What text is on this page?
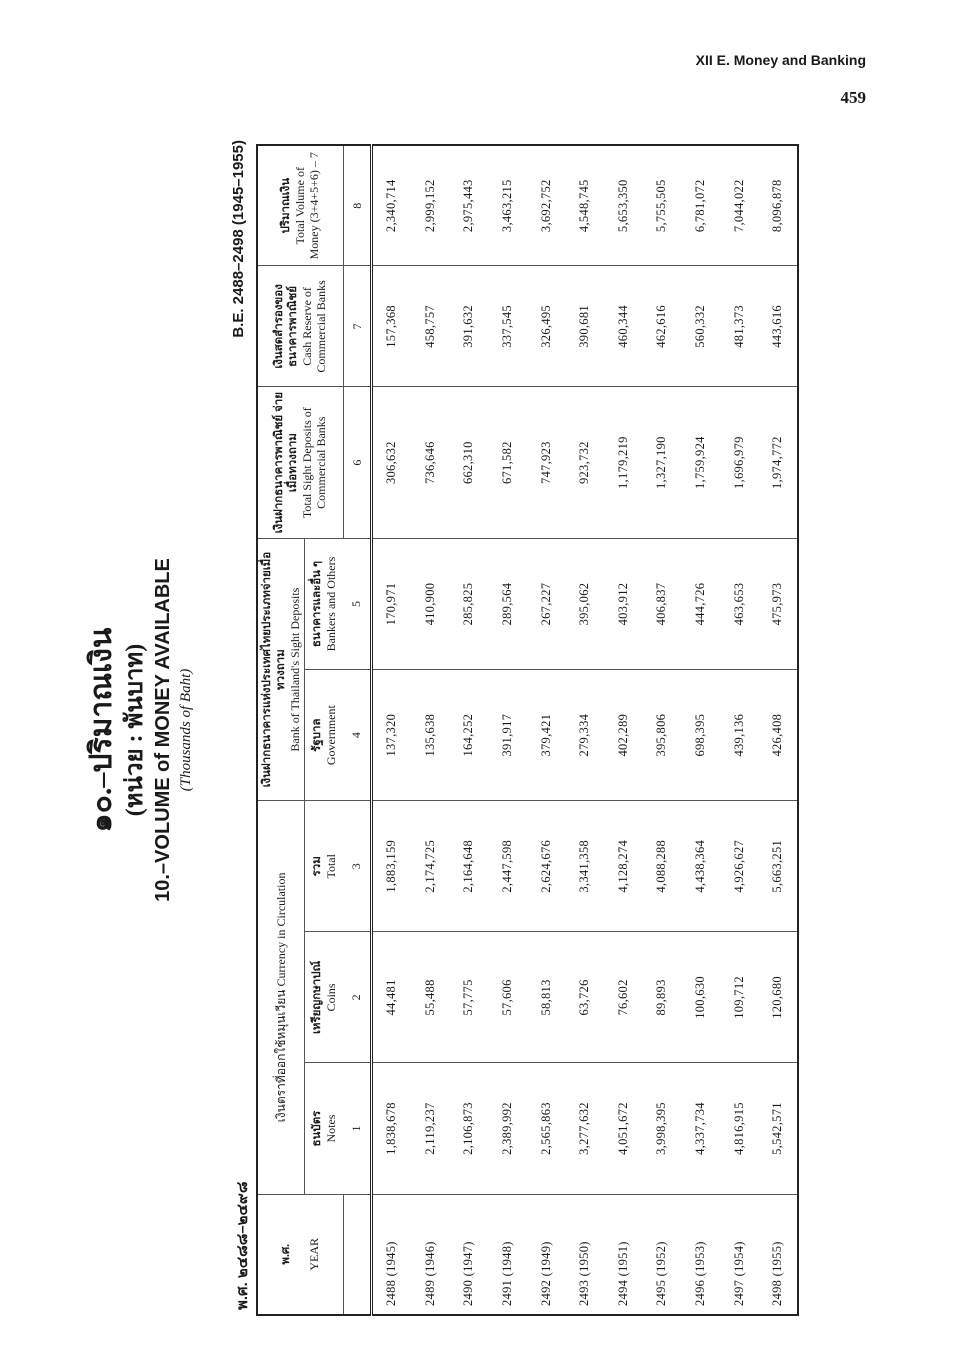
XII E. Money and Banking
459
๑๐.–ปริมาณเงิน (หน่วย : พันบาท) 10.–VOLUME of MONEY AVAILABLE (Thousands of Baht)
พ.ศ. ๒๔๘๘–๒๔๙๘
B.E. 2488–2498 (1945–1955)
พ.ศ. YEAR	เงินตราที่ออกใช้หมุนเวียน Currency in Circulation			เงินฝากธนาคารแห่งประเทศไทยประเภทจ่ายเมื่อทวงถาม Bank of Thailand's Sight Deposits		เงินฝากธนาคารพาณิชย์ จ่ายเมื่อทวงถาม Total Sight Deposits of Commercial Banks	เงินสดสำรองของ ธนาคารพาณิชย์ Cash Reserve of Commercial Banks	ปริมาณเงิน Total Volume of Money (3+4+5+6) – 7

	ธนบัตร Notes	เหรียญกษาปณ์ Coins	รวม Total	รัฐบาล Government	ธนาคารและอื่น ๆ Bankers and Others			
	1	2	3	4	5	6	7	8
2488 (1945)	1,838,678	44,481	1,883,159	137,320	170,971	306,632	157,368	2,340,714
2489 (1946)	2,119,237	55,488	2,174,725	135,638	410,900	736,646	458,757	2,999,152
2490 (1947)	2,106,873	57,775	2,164,648	164,252	285,825	662,310	391,632	2,975,443
2491 (1948)	2,389,992	57,606	2,447,598	391,917	289,564	671,582	337,545	3,463,215
2492 (1949)	2,565,863	58,813	2,624,676	379,421	267,227	747,923	326,495	3,692,752
2493 (1950)	3,277,632	63,726	3,341,358	279,334	395,062	923,732	390,681	4,548,745
2494 (1951)	4,051,672	76,602	4,128,274	402,289	403,912	1,179,219	460,344	5,653,350
2495 (1952)	3,998,395	89,893	4,088,288	395,806	406,837	1,327,190	462,616	5,755,505
2496 (1953)	4,337,734	100,630	4,438,364	698,395	444,726	1,759,924	560,332	6,781,072
2497 (1954)	4,816,915	109,712	4,926,627	439,136	463,653	1,696,979	481,373	7,044,022
2498 (1955)	5,542,571	120,680	5,663,251	426,408	475,973	1,974,772	443,616	8,096,878
